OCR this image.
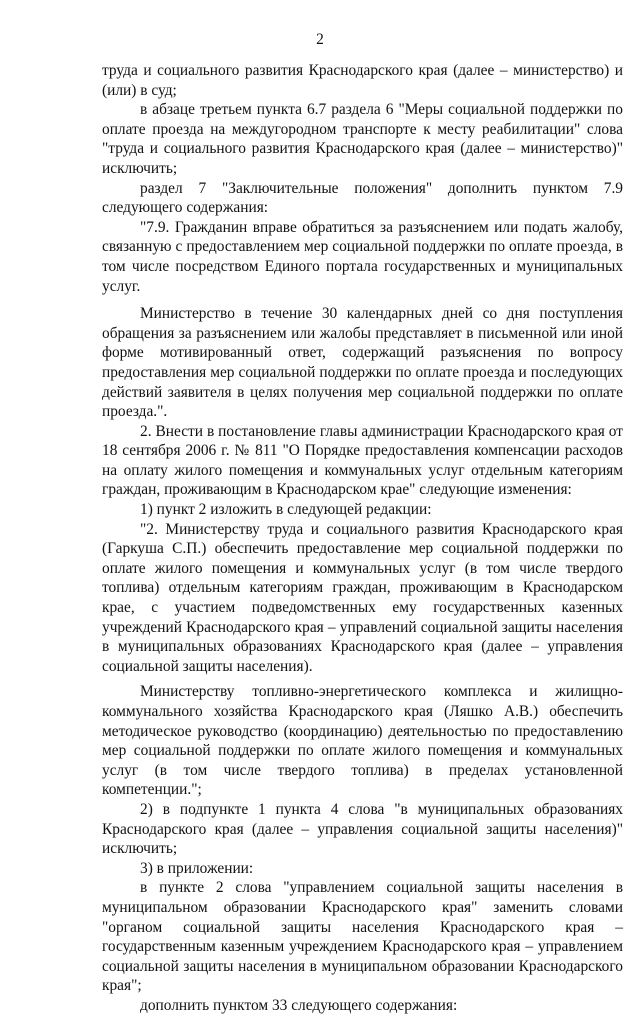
2

труда и социального развития Краснодарского края (далее – министерство) и (или) в суд;

в абзаце третьем пункта 6.7 раздела 6 "Меры социальной поддержки по оплате проезда на междугородном транспорте к месту реабилитации" слова "труда и социального развития Краснодарского края (далее – министерство)" исключить;

раздел 7 "Заключительные положения" дополнить пунктом 7.9 следующего содержания:

"7.9. Гражданин вправе обратиться за разъяснением или подать жалобу, связанную с предоставлением мер социальной поддержки по оплате проезда, в том числе посредством Единого портала государственных и муниципальных услуг.

Министерство в течение 30 календарных дней со дня поступления обращения за разъяснением или жалобы представляет в письменной или иной форме мотивированный ответ, содержащий разъяснения по вопросу предоставления мер социальной поддержки по оплате проезда и последующих действий заявителя в целях получения мер социальной поддержки по оплате проезда.".

2. Внести в постановление главы администрации Краснодарского края от 18 сентября 2006 г. № 811 "О Порядке предоставления компенсации расходов на оплату жилого помещения и коммунальных услуг отдельным категориям граждан, проживающим в Краснодарском крае" следующие изменения:

1) пункт 2 изложить в следующей редакции:

"2. Министерству труда и социального развития Краснодарского края (Гаркуша С.П.) обеспечить предоставление мер социальной поддержки по оплате жилого помещения и коммунальных услуг (в том числе твердого топлива) отдельным категориям граждан, проживающим в Краснодарском крае, с участием подведомственных ему государственных казенных учреждений Краснодарского края – управлений социальной защиты населения в муниципальных образованиях Краснодарского края (далее – управления социальной защиты населения).

Министерству топливно-энергетического комплекса и жилищно-коммунального хозяйства Краснодарского края (Ляшко А.В.) обеспечить методическое руководство (координацию) деятельностью по предоставлению мер социальной поддержки по оплате жилого помещения и коммунальных услуг (в том числе твердого топлива) в пределах установленной компетенции.";

2) в подпункте 1 пункта 4 слова "в муниципальных образованиях Краснодарского края (далее – управления социальной защиты населения)" исключить;

3) в приложении:

в пункте 2 слова "управлением социальной защиты населения в муниципальном образовании Краснодарского края" заменить словами "органом социальной защиты населения Краснодарского края – государственным казенным учреждением Краснодарского края – управлением социальной защиты населения в муниципальном образовании Краснодарского края";

дополнить пунктом 33 следующего содержания:
